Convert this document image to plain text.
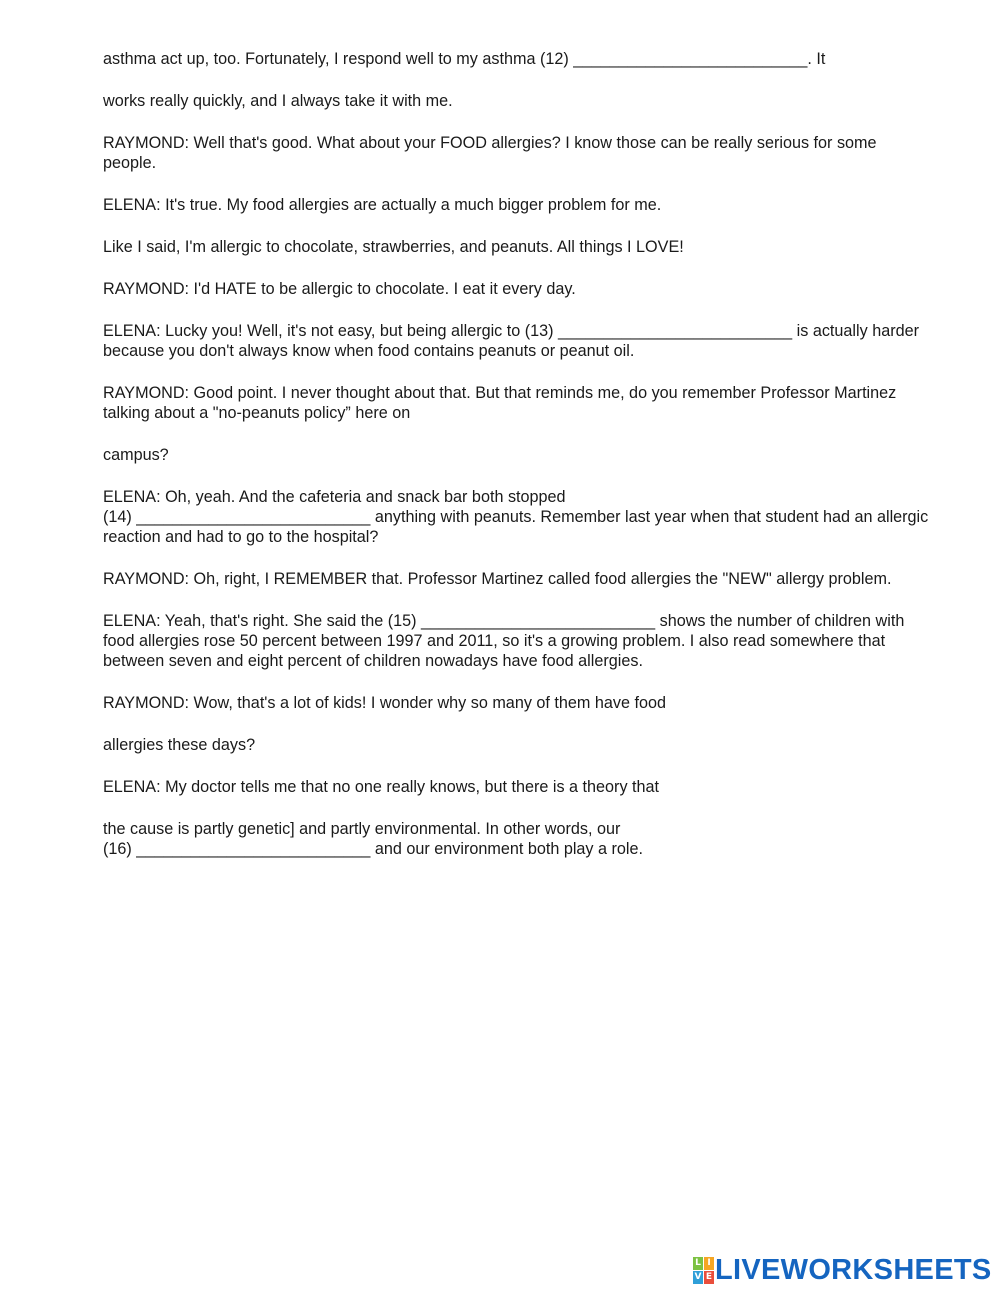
asthma act up, too. Fortunately, I respond well to my asthma (12) __________________________. It

works really quickly, and I always take it with me.

RAYMOND: Well that's good. What about your FOOD allergies? I know those can be really serious for some people.

ELENA: It's true. My food allergies are actually a much bigger problem for me.

Like I said, I'm allergic to chocolate, strawberries, and peanuts. All things I LOVE!

RAYMOND: I'd HATE to be allergic to chocolate. I eat it every day.

ELENA: Lucky you! Well, it's not easy, but being allergic to (13) __________________________ is actually harder because you don't always know when food contains peanuts or peanut oil.

RAYMOND: Good point. I never thought about that. But that reminds me, do you remember Professor Martinez talking about a "no-peanuts policy” here on

campus?

ELENA: Oh, yeah. And the cafeteria and snack bar both stopped
(14) __________________________ anything with peanuts. Remember last year when that student had an allergic reaction and had to go to the hospital?

RAYMOND: Oh, right, I REMEMBER that. Professor Martinez called food allergies the "NEW" allergy problem.

ELENA: Yeah, that's right. She said the (15) __________________________ shows the number of children with food allergies rose 50 percent between 1997 and 2011, so it's a growing problem. I also read somewhere that between seven and eight percent of children nowadays have food allergies.

RAYMOND: Wow, that's a lot of kids! I wonder why so many of them have food

allergies these days?

ELENA: My doctor tells me that no one really knows, but there is a theory that

the cause is partly genetic] and partly environmental. In other words, our
(16) __________________________ and our environment both play a role.

L I
V E LIVEWORKSHEETS
